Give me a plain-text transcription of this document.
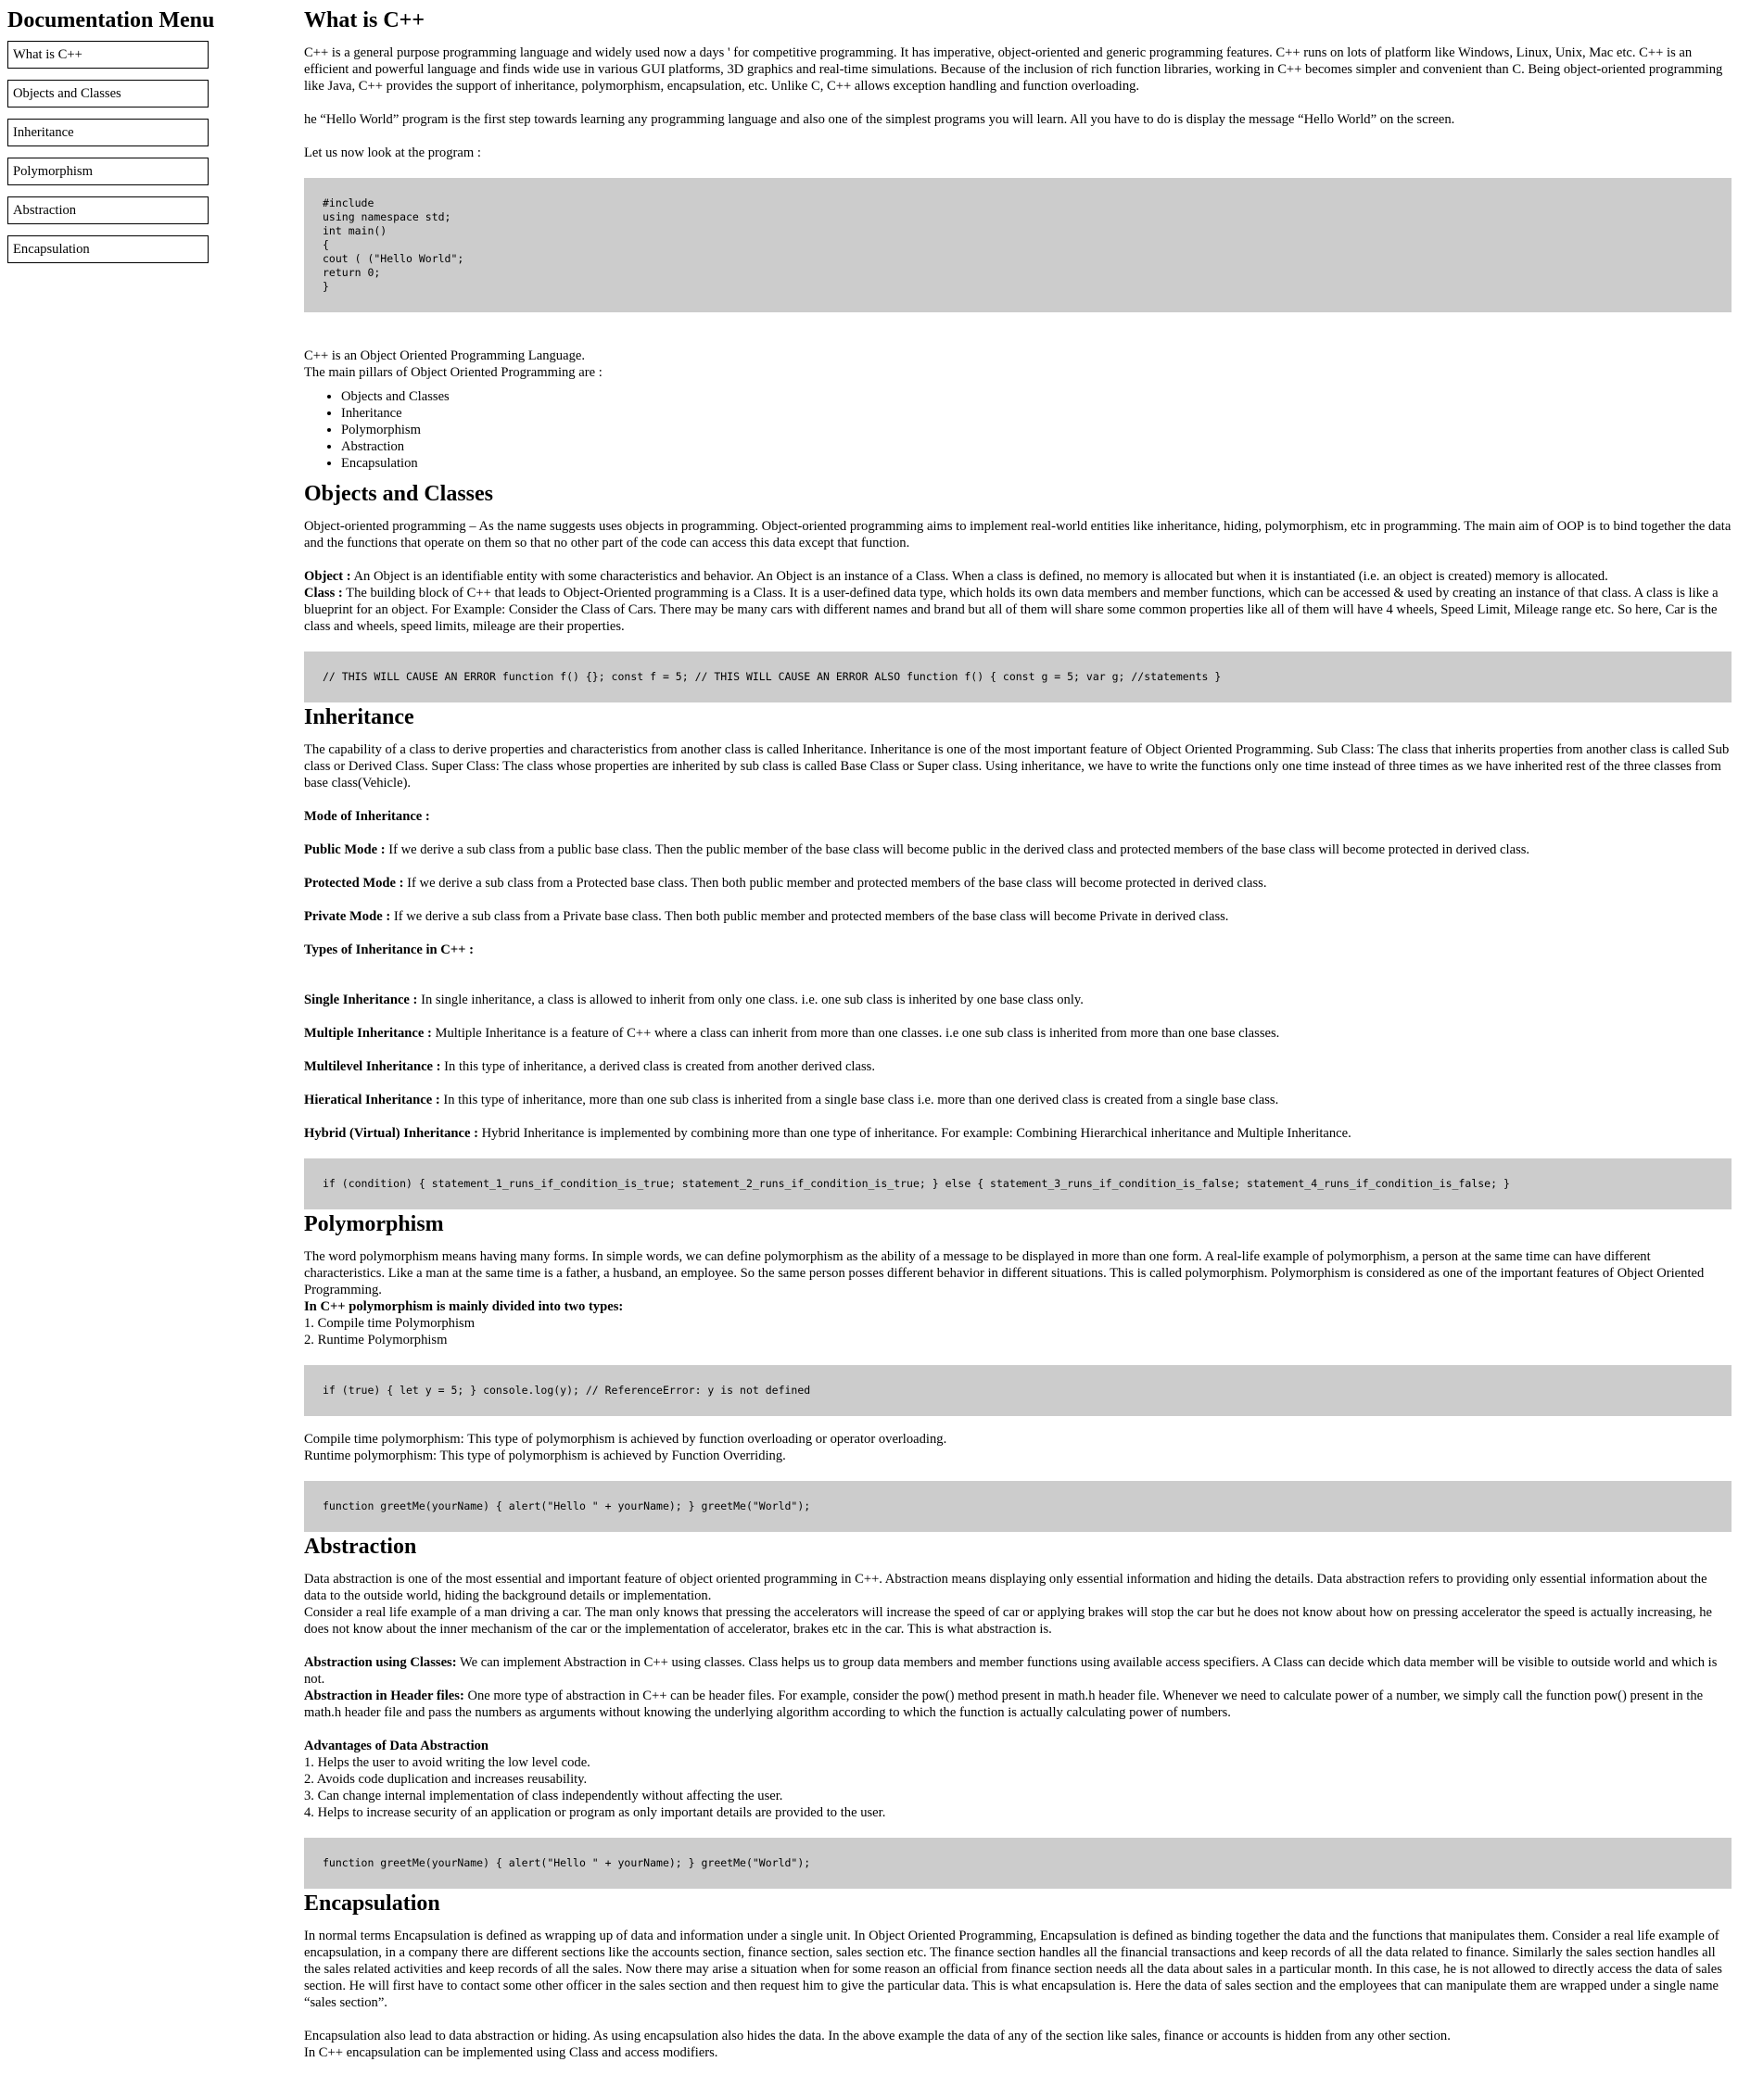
Documentation Menu
What is C++
Objects and Classes
Inheritance
Polymorphism
Abstraction
Encapsulation
What is C++

C++ is a general purpose programming language and widely used now a days ' for competitive programming. It has imperative, object-oriented and generic programming features. C++ runs on lots of platform like Windows, Linux, Unix, Mac etc. C++ is an efficient and powerful language and finds wide use in various GUI platforms, 3D graphics and real-time simulations. Because of the inclusion of rich function libraries, working in C++ becomes simpler and convenient than C. Being object-oriented programming like Java, C++ provides the support of inheritance, polymorphism, encapsulation, etc. Unlike C, C++ allows exception handling and function overloading.

he “Hello World” program is the first step towards learning any programming language and also one of the simplest programs you will learn. All you have to do is display the message “Hello World” on the screen.

Let us now look at the program :

#include
using namespace std;
int main()
{
cout ( ("Hello World";
return 0;
}

C++ is an Object Oriented Programming Language.
The main pillars of Object Oriented Programming are :

• Objects and Classes
• Inheritance
• Polymorphism
• Abstraction
• Encapsulation
Objects and Classes

Object-oriented programming – As the name suggests uses objects in programming. Object-oriented programming aims to implement real-world entities like inheritance, hiding, polymorphism, etc in programming. The main aim of OOP is to bind together the data and the functions that operate on them so that no other part of the code can access this data except that function.

Object : An Object is an identifiable entity with some characteristics and behavior. An Object is an instance of a Class. When a class is defined, no memory is allocated but when it is instantiated (i.e. an object is created) memory is allocated.
Class : The building block of C++ that leads to Object-Oriented programming is a Class. It is a user-defined data type, which holds its own data members and member functions, which can be accessed & used by creating an instance of that class. A class is like a blueprint for an object. For Example: Consider the Class of Cars. There may be many cars with different names and brand but all of them will share some common properties like all of them will have 4 wheels, Speed Limit, Mileage range etc. So here, Car is the class and wheels, speed limits, mileage are their properties.

// THIS WILL CAUSE AN ERROR function f() {}; const f = 5; // THIS WILL CAUSE AN ERROR ALSO function f() { const g = 5; var g; //statements }
Inheritance

The capability of a class to derive properties and characteristics from another class is called Inheritance. Inheritance is one of the most important feature of Object Oriented Programming. Sub Class: The class that inherits properties from another class is called Sub class or Derived Class. Super Class: The class whose properties are inherited by sub class is called Base Class or Super class. Using inheritance, we have to write the functions only one time instead of three times as we have inherited rest of the three classes from base class(Vehicle).

Mode of Inheritance :

Public Mode : If we derive a sub class from a public base class. Then the public member of the base class will become public in the derived class and protected members of the base class will become protected in derived class.

Protected Mode : If we derive a sub class from a Protected base class. Then both public member and protected members of the base class will become protected in derived class.

Private Mode : If we derive a sub class from a Private base class. Then both public member and protected members of the base class will become Private in derived class.

Types of Inheritance in C++ :

Single Inheritance : In single inheritance, a class is allowed to inherit from only one class. i.e. one sub class is inherited by one base class only.

Multiple Inheritance : Multiple Inheritance is a feature of C++ where a class can inherit from more than one classes. i.e one sub class is inherited from more than one base classes.

Multilevel Inheritance : In this type of inheritance, a derived class is created from another derived class.

Hieratical Inheritance : In this type of inheritance, more than one sub class is inherited from a single base class i.e. more than one derived class is created from a single base class.

Hybrid (Virtual) Inheritance : Hybrid Inheritance is implemented by combining more than one type of inheritance. For example: Combining Hierarchical inheritance and Multiple Inheritance.

if (condition) { statement_1_runs_if_condition_is_true; statement_2_runs_if_condition_is_true; } else { statement_3_runs_if_condition_is_false; statement_4_runs_if_condition_is_false; }
Polymorphism

The word polymorphism means having many forms. In simple words, we can define polymorphism as the ability of a message to be displayed in more than one form. A real-life example of polymorphism, a person at the same time can have different characteristics. Like a man at the same time is a father, a husband, an employee. So the same person posses different behavior in different situations. This is called polymorphism. Polymorphism is considered as one of the important features of Object Oriented Programming.
In C++ polymorphism is mainly divided into two types:
1. Compile time Polymorphism
2. Runtime Polymorphism

if (true) { let y = 5; } console.log(y); // ReferenceError: y is not defined

Compile time polymorphism: This type of polymorphism is achieved by function overloading or operator overloading.
Runtime polymorphism: This type of polymorphism is achieved by Function Overriding.

function greetMe(yourName) { alert("Hello " + yourName); } greetMe("World");
Abstraction

Data abstraction is one of the most essential and important feature of object oriented programming in C++. Abstraction means displaying only essential information and hiding the details. Data abstraction refers to providing only essential information about the data to the outside world, hiding the background details or implementation.
Consider a real life example of a man driving a car. The man only knows that pressing the accelerators will increase the speed of car or applying brakes will stop the car but he does not know about how on pressing accelerator the speed is actually increasing, he does not know about the inner mechanism of the car or the implementation of accelerator, brakes etc in the car. This is what abstraction is.

Abstraction using Classes: We can implement Abstraction in C++ using classes. Class helps us to group data members and member functions using available access specifiers. A Class can decide which data member will be visible to outside world and which is not.
Abstraction in Header files: One more type of abstraction in C++ can be header files. For example, consider the pow() method present in math.h header file. Whenever we need to calculate power of a number, we simply call the function pow() present in the math.h header file and pass the numbers as arguments without knowing the underlying algorithm according to which the function is actually calculating power of numbers.

Advantages of Data Abstraction
1. Helps the user to avoid writing the low level code.
2. Avoids code duplication and increases reusability.
3. Can change internal implementation of class independently without affecting the user.
4. Helps to increase security of an application or program as only important details are provided to the user.

function greetMe(yourName) { alert("Hello " + yourName); } greetMe("World");
Encapsulation

In normal terms Encapsulation is defined as wrapping up of data and information under a single unit. In Object Oriented Programming, Encapsulation is defined as binding together the data and the functions that manipulates them. Consider a real life example of encapsulation, in a company there are different sections like the accounts section, finance section, sales section etc. The finance section handles all the financial transactions and keep records of all the data related to finance. Similarly the sales section handles all the sales related activities and keep records of all the sales. Now there may arise a situation when for some reason an official from finance section needs all the data about sales in a particular month. In this case, he is not allowed to directly access the data of sales section. He will first have to contact some other officer in the sales section and then request him to give the particular data. This is what encapsulation is. Here the data of sales section and the employees that can manipulate them are wrapped under a single name “sales section”.

Encapsulation also lead to data abstraction or hiding. As using encapsulation also hides the data. In the above example the data of any of the section like sales, finance or accounts is hidden from any other section.
In C++ encapsulation can be implemented using Class and access modifiers.
